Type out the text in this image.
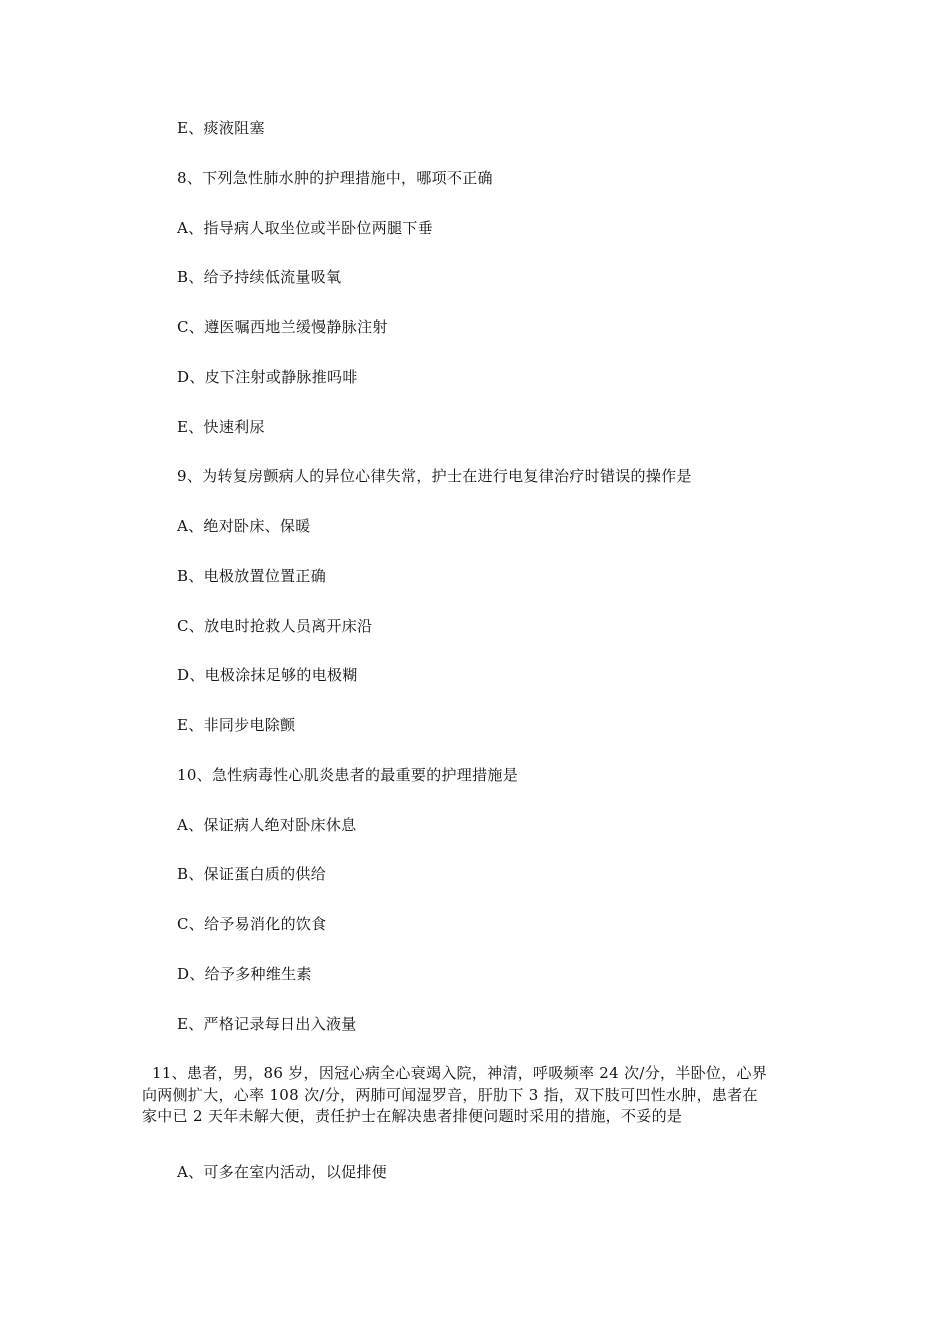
E、痰液阻塞
8、下列急性肺水肿的护理措施中，哪项不正确
A、指导病人取坐位或半卧位两腿下垂
B、给予持续低流量吸氧
C、遵医嘱西地兰缓慢静脉注射
D、皮下注射或静脉推吗啡
E、快速利尿
9、为转复房颤病人的异位心律失常，护士在进行电复律治疗时错误的操作是
A、绝对卧床、保暖
B、电极放置位置正确
C、放电时抢救人员离开床沿
D、电极涂抹足够的电极糊
E、非同步电除颤
10、急性病毒性心肌炎患者的最重要的护理措施是
A、保证病人绝对卧床休息
B、保证蛋白质的供给
C、给予易消化的饮食
D、给予多种维生素
E、严格记录每日出入液量
11、患者，男，86 岁，因冠心病全心衰竭入院，神清，呼吸频率 24 次/分，半卧位，心界
向两侧扩大，心率 108 次/分，两肺可闻湿罗音，肝肋下 3 指，双下肢可凹性水肿，患者在
家中已 2 天年未解大便，责任护士在解决患者排便问题时采用的措施，不妥的是
A、可多在室内活动，以促排便
